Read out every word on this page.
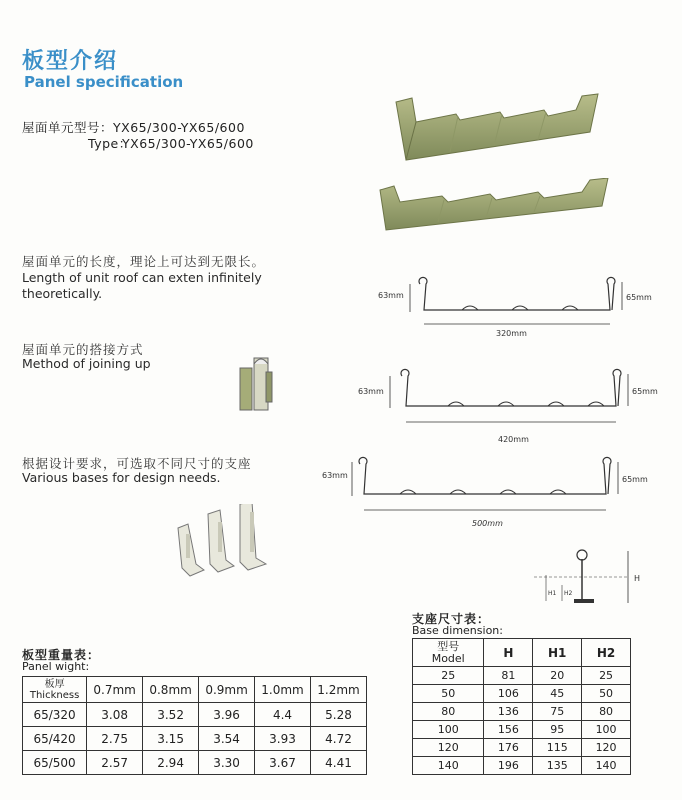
板型介绍
Panel specification
屋面单元型号： YX65/300-YX65/600
Type：
YX65/300-YX65/600
屋面单元的长度，理论上可达到无限长。
Length of unit roof can exten infinitely
theoretically.	63mm	65mm
320mm
屋面单元的搭接方式
Method of joining up
63mm	65mm
420mm
根据设计要求，可选取不同尺寸的支座
Various bases for design needs.	63mm	65mm
500mm
H
H1 H2
支座尺寸表：
Base dimension:
型号
Model	H	H1	H2
25	81	20	25
50	106	45	50
80	136	75	80
100	156	95	100
120	176	115	120
140	196	135	140
板型重量表：
Panel wight:
板厚
Thickness	0.7mm	0.8mm	0.9mm	1.0mm	1.2mm
65/320	3.08	3.52	3.96	4.4	5.28
65/420	2.75	3.15	3.54	3.93	4.72
65/500	2.57	2.94	3.30	3.67	4.41
